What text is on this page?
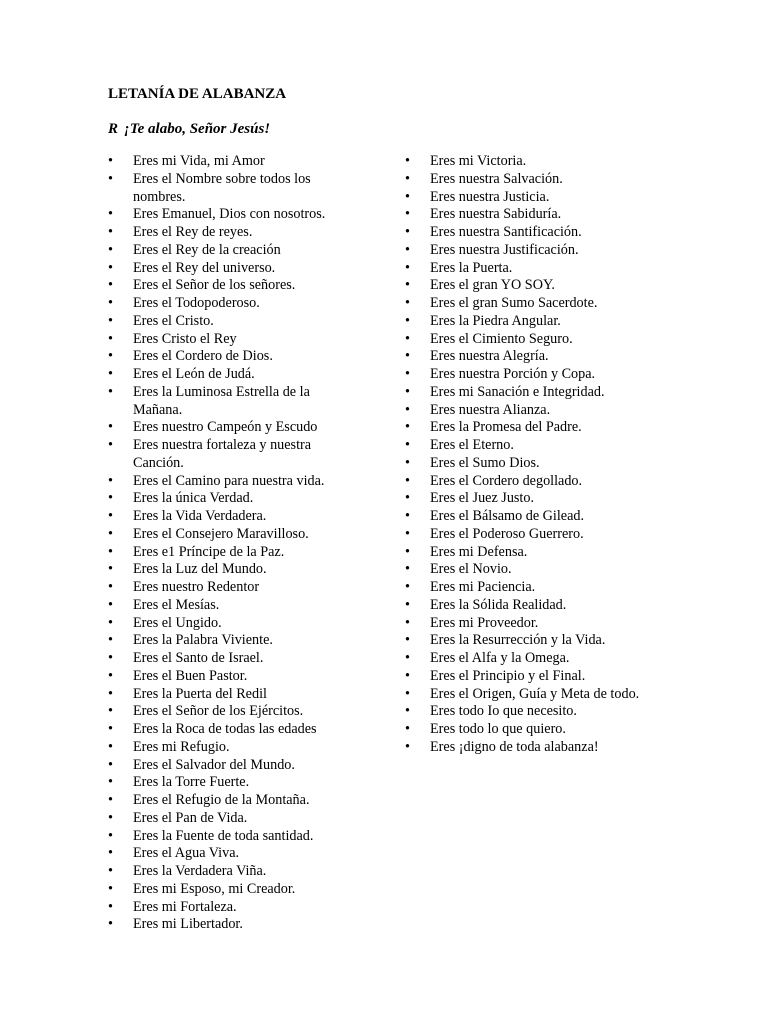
LETANÍA DE ALABANZA

R ¡Te alabo, Señor Jesús!

•	Eres mi Vida, mi Amor
•	Eres el Nombre sobre todos los nombres.
•	Eres Emanuel, Dios con nosotros.
•	Eres el Rey de reyes.
•	Eres el Rey de la creación
•	Eres el Rey del universo.
•	Eres el Señor de los señores.
•	Eres el Todopoderoso.
•	Eres el Cristo.
•	Eres Cristo el Rey
•	Eres el Cordero de Dios.
•	Eres el León de Judá.
•	Eres la Luminosa Estrella de la Mañana.
•	Eres nuestro Campeón y Escudo
•	Eres nuestra fortaleza y nuestra Canción.
•	Eres el Camino para nuestra vida.
•	Eres la única Verdad.
•	Eres la Vida Verdadera.
•	Eres el Consejero Maravilloso.
•	Eres e1 Príncipe de la Paz.
•	Eres la Luz del Mundo.
•	Eres nuestro Redentor
•	Eres el Mesías.
•	Eres el Ungido.
•	Eres la Palabra Viviente.
•	Eres el Santo de Israel.
•	Eres el Buen Pastor.
•	Eres la Puerta del Redil
•	Eres el Señor de los Ejércitos.
•	Eres la Roca de todas las edades
•	Eres mi Refugio.
•	Eres el Salvador del Mundo.
•	Eres la Torre Fuerte.
•	Eres el Refugio de la Montaña.
•	Eres el Pan de Vida.
•	Eres la Fuente de toda santidad.
•	Eres el Agua Viva.
•	Eres la Verdadera Viña.
•	Eres mi Esposo, mi Creador.
•	Eres mi Fortaleza.
•	Eres mi Libertador.
•	Eres mi Victoria.
•	Eres nuestra Salvación.
•	Eres nuestra Justicia.
•	Eres nuestra Sabiduría.
•	Eres nuestra Santificación.
•	Eres nuestra Justificación.
•	Eres la Puerta.
•	Eres el gran YO SOY.
•	Eres el gran Sumo Sacerdote.
•	Eres la Piedra Angular.
•	Eres el Cimiento Seguro.
•	Eres nuestra Alegría.
•	Eres nuestra Porción y Copa.
•	Eres mi Sanación e Integridad.
•	Eres nuestra Alianza.
•	Eres la Promesa del Padre.
•	Eres el Eterno.
•	Eres el Sumo Dios.
•	Eres el Cordero degollado.
•	Eres el Juez Justo.
•	Eres el Bálsamo de Gilead.
•	Eres el Poderoso Guerrero.
•	Eres mi Defensa.
•	Eres el Novio.
•	Eres mi Paciencia.
•	Eres la Sólida Realidad.
•	Eres mi Proveedor.
•	Eres la Resurrección y la Vida.
•	Eres el Alfa y la Omega.
•	Eres el Principio y el Final.
•	Eres el Origen, Guía y Meta de todo.
•	Eres todo Io que necesito.
•	Eres todo lo que quiero.
•	Eres ¡digno de toda alabanza!
